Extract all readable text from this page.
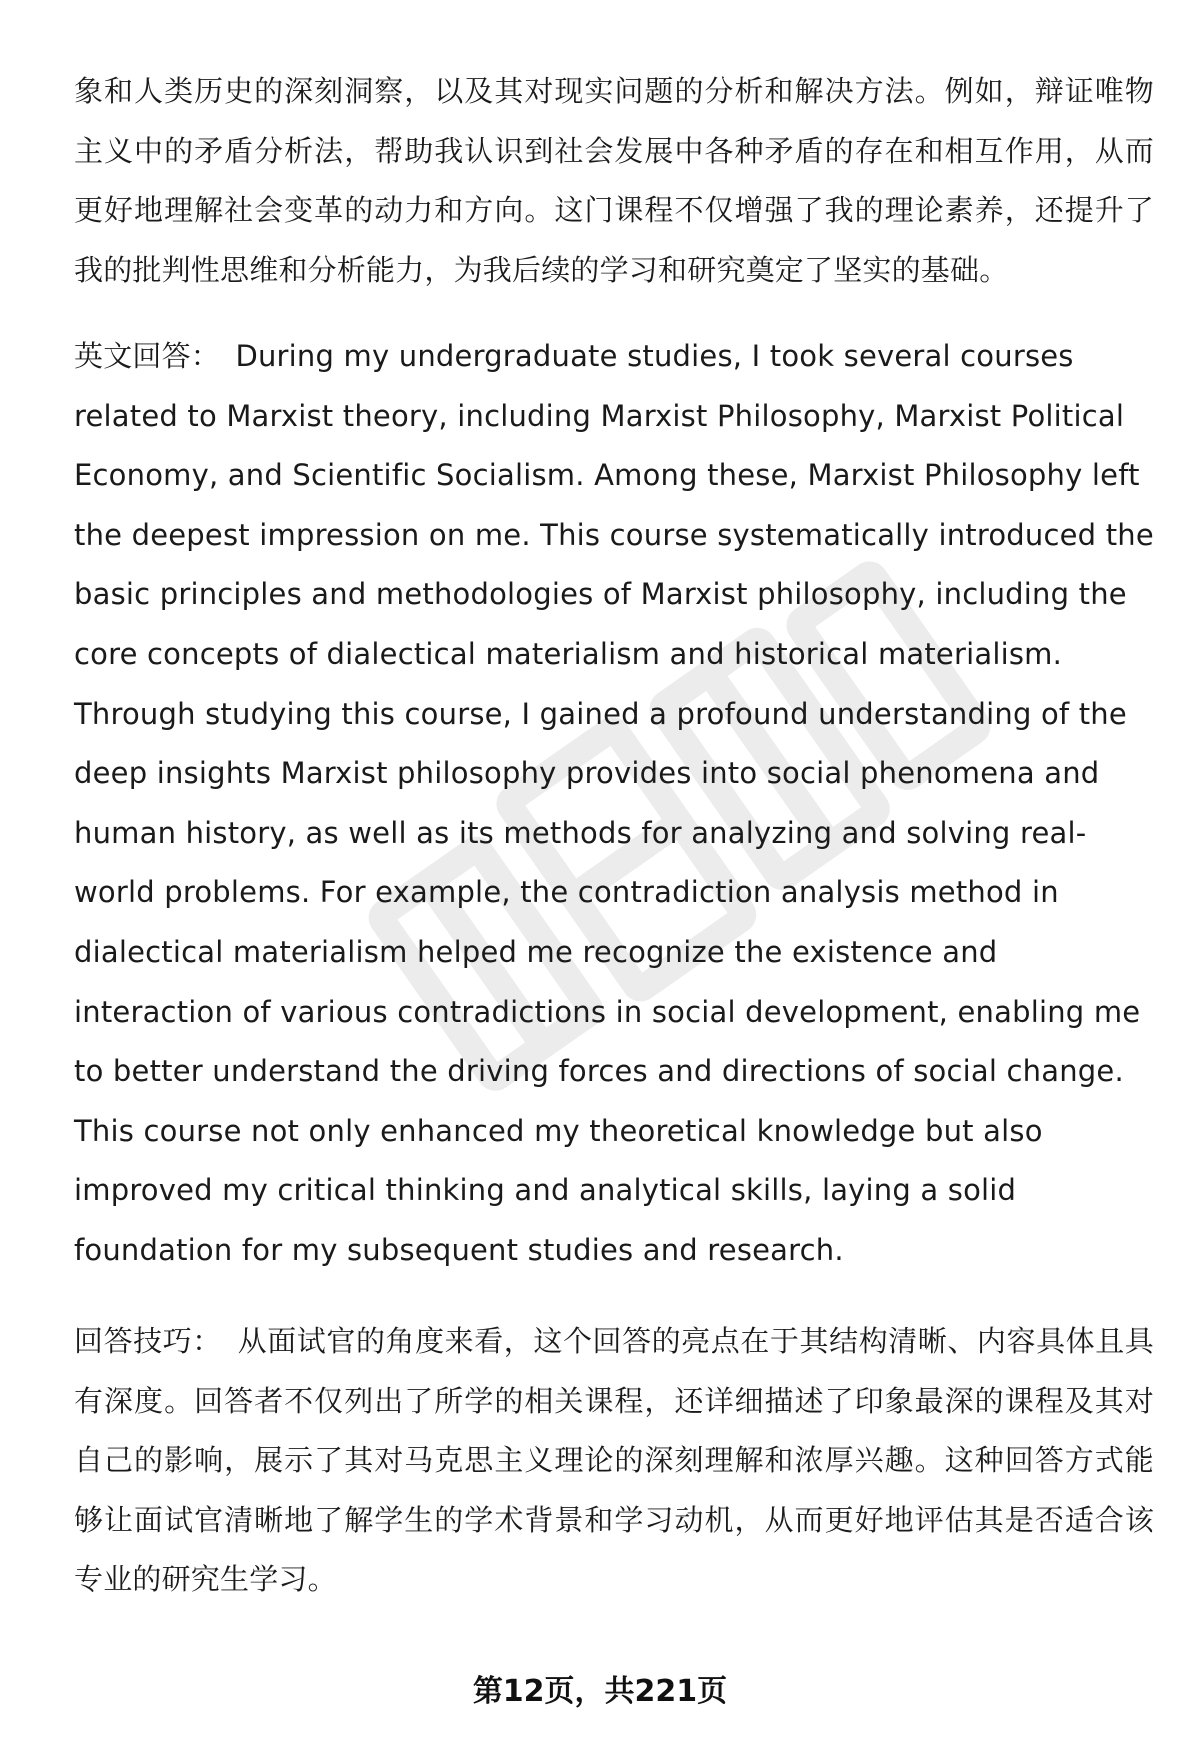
象和人类历史的深刻洞察，以及其对现实问题的分析和解决方法。例如，辩证唯物主义中的矛盾分析法，帮助我认识到社会发展中各种矛盾的存在和相互作用，从而更好地理解社会变革的动力和方向。这门课程不仅增强了我的理论素养，还提升了我的批判性思维和分析能力，为我后续的学习和研究奠定了坚实的基础。

英文回答： During my undergraduate studies, I took several courses related to Marxist theory, including Marxist Philosophy, Marxist Political Economy, and Scientific Socialism. Among these, Marxist Philosophy left the deepest impression on me. This course systematically introduced the basic principles and methodologies of Marxist philosophy, including the core concepts of dialectical materialism and historical materialism. Through studying this course, I gained a profound understanding of the deep insights Marxist philosophy provides into social phenomena and human history, as well as its methods for analyzing and solving real-world problems. For example, the contradiction analysis method in dialectical materialism helped me recognize the existence and interaction of various contradictions in social development, enabling me to better understand the driving forces and directions of social change. This course not only enhanced my theoretical knowledge but also improved my critical thinking and analytical skills, laying a solid foundation for my subsequent studies and research.

回答技巧： 从面试官的角度来看，这个回答的亮点在于其结构清晰、内容具体且具有深度。回答者不仅列出了所学的相关课程，还详细描述了印象最深的课程及其对自己的影响，展示了其对马克思主义理论的深刻理解和浓厚兴趣。这种回答方式能够让面试官清晰地了解学生的学术背景和学习动机，从而更好地评估其是否适合该专业的研究生学习。

第12页，共221页
